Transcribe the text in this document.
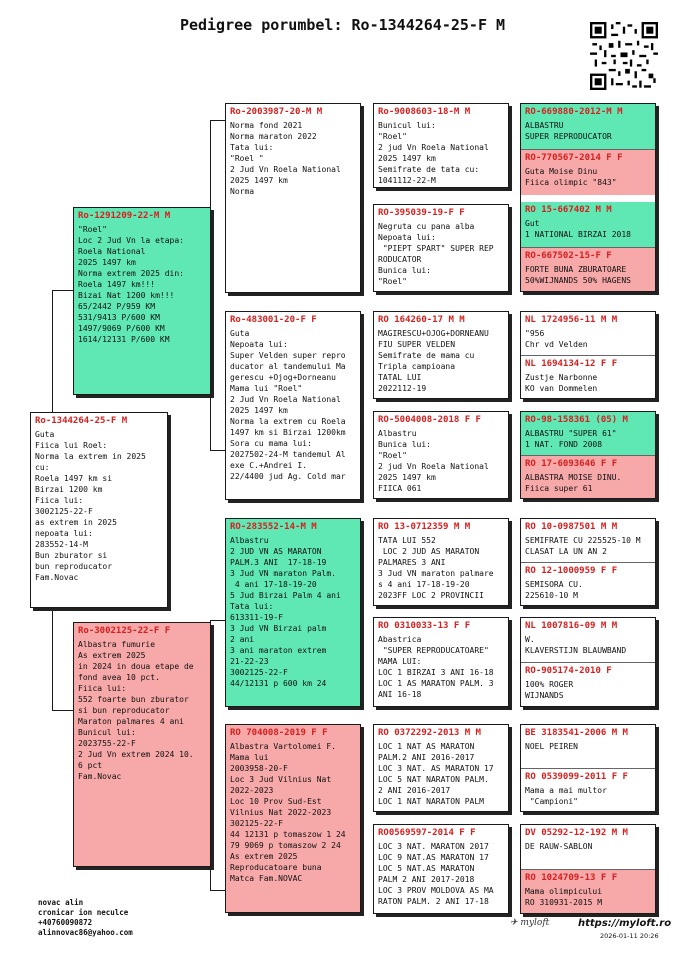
Pedigree porumbel: Ro-1344264-25-F M
Ro-1344264-25-F M
Guta
Fiica lui Roel:
Norma la extrem in 2025
cu:
Roela 1497 km si
Birzai 1200 km
Fiica lui:
3002125-22-F
as extrem in 2025
nepoata lui:
283552-14-M
Bun zburator si
bun reproducator
Fam.Novac
Ro-1291209-22-M M
"Roel"
Loc 2 Jud Vn la etapa:
Roela National
2025 1497 km
Norma extrem 2025 din:
Roela 1497 km!!!
Bizai Nat 1200 km!!!
65/2442 P/959 KM
531/9413 P/600 KM
1497/9069 P/600 KM
1614/12131 P/600 KM
Ro-3002125-22-F F
Albastra fumurie
As extrem 2025
in 2024 in doua etape de
fond avea 10 pct.
Fiica lui:
552 foarte bun zburator
si bun reproducator
Maraton palmares 4 ani
Bunicul lui:
2023755-22-F
2 Jud Vn extrem 2024 10.
6 pct
Fam.Novac
Ro-2003987-20-M M
Norma fond 2021
Norma maraton 2022
Tata lui:
"Roel "
2 Jud Vn Roela National
2025 1497 km
Norma
Ro-483001-20-F F
Guta
Nepoata lui:
Super Velden super repro
ducator al tandemului Ma
gerescu +Ojog+Dorneanu
Mama lui "Roel"
2 Jud Vn Roela National
2025 1497 km
Norma la extrem cu Roela
1497 km si Birzai 1200km
Sora cu mama lui:
2027502-24-M tandemul Al
exe C.+Andrei I.
22/4400 jud Ag. Cold mar
RO-283552-14-M M
Albastru
2 JUD VN AS MARATON
PALM.3 ANI  17-18-19
3 Jud VN maraton Palm.
4 ani 17-18-19-20
5 Jud Birzai Palm 4 ani
Tata lui:
613311-19-F
3 Jud VN Birzai palm
2 ani
3 ani maraton extrem
21-22-23
3002125-22-F
44/12131 p 600 km 24
RO 704008-2019 F F
Albastra Vartolomei F.
Mama lui
2003958-20-F
Loc 3 Jud Vilnius Nat
2022-2023
Loc 10 Prov Sud-Est
Vilnius Nat 2022-2023
302125-22-F
44 12131 p tomaszow 1 24
79 9069 p tomaszow 2 24
As extrem 2025
Reproducatoare buna
Matca Fam.NOVAC
Ro-9008603-18-M M
Bunicul lui:
"Roel"
2 jud Vn Roela National
2025 1497 km
Semifrate de tata cu:
1041112-22-M
RO-395039-19-F F
Negruta cu pana alba
Nepoata lui:
"PIEPT SPART" SUPER REP
RODUCATOR
Bunica lui:
"Roel"
RO 164260-17 M M
MAGIRESCU+OJOG+DORNEANU
FIU SUPER VELDEN
Semifrate de mama cu
Tripla campioana
TATAL LUI
2022112-19
RO-5004008-2018 F F
Albastru
Bunica lui:
"Roel"
2 jud Vn Roela National
2025 1497 km
FIICA 061
RO 13-0712359 M M
TATA LUI 552
LOC 2 JUD AS MARATON
PALMARES 3 ANI
3 Jud VN maraton palmare
s 4 ani 17-18-19-20
2023FF LOC 2 PROVINCII
RO 0310033-13 F F
Abastrica
"SUPER REPRODUCATOARE"
MAMA LUI:
LOC 1 BIRZAI 3 ANI 16-18
LOC 1 AS MARATON PALM. 3
ANI 16-18
RO 0372292-2013 M M
LOC 1 NAT AS MARATON
PALM.2 ANI 2016-2017
LOC 3 NAT. AS MARATON 17
LOC 5 NAT NARATON PALM.
2 ANI 2016-2017
LOC 1 NAT NARATON PALM
RO0569597-2014 F F
LOC 3 NAT. MARATON 2017
LOC 9 NAT.AS MARATON 17
LOC 5 NAT.AS MARATON
PALM 2 ANI 2017-2018
LOC 3 PROV MOLDOVA AS MA
RATON PALM. 2 ANI 17-18
RO-669880-2012-M M
ALBASTRU
SUPER REPRODUCATOR
RO-770567-2014 F F
Guta Moise Dinu
Fiica olimpic "843"
RO 15-667402 M M
Gut
1 NATIONAL BIRZAI 2018
RO-667502-15-F F
FORTE BUNA ZBURATOARE
50%WIJNANDS 50% HAGENS
NL 1724956-11 M M
"956
Chr vd Velden
NL 1694134-12 F F
Zustje Narbonne
KO van Dommelen
RO-98-158361 (05) M
ALBASTRU "SUPER 61"
1 NAT. FOND 2008
RO 17-6093646 F F
ALBASTRA MOISE DINU.
Fiica super 61
RO 10-0987501 M M
SEMIFRATE CU 225525-10 M
CLASAT LA UN AN 2
RO 12-1000959 F F
SEMISORA CU.
225610-10 M
NL 1007816-09 M M
W.
KLAVERSTIJN BLAUWBAND
RO-905174-2010 F
100% ROGER
WIJNANDS
BE 3183541-2006 M M
NOEL PEIREN
RO 0539099-2011 F F
Mama a mai multor
"Campioni"
DV 05292-12-192 M M
DE RAUW-SABLON
RO 1024709-13 F F
Mama olimpicului
RO 310931-2015 M
novac alin
cronicar ion neculce
+40760090872
alinnovac86@yahoo.com
✈ myloft	https://myloft.ro
2026-01-11 20:26
